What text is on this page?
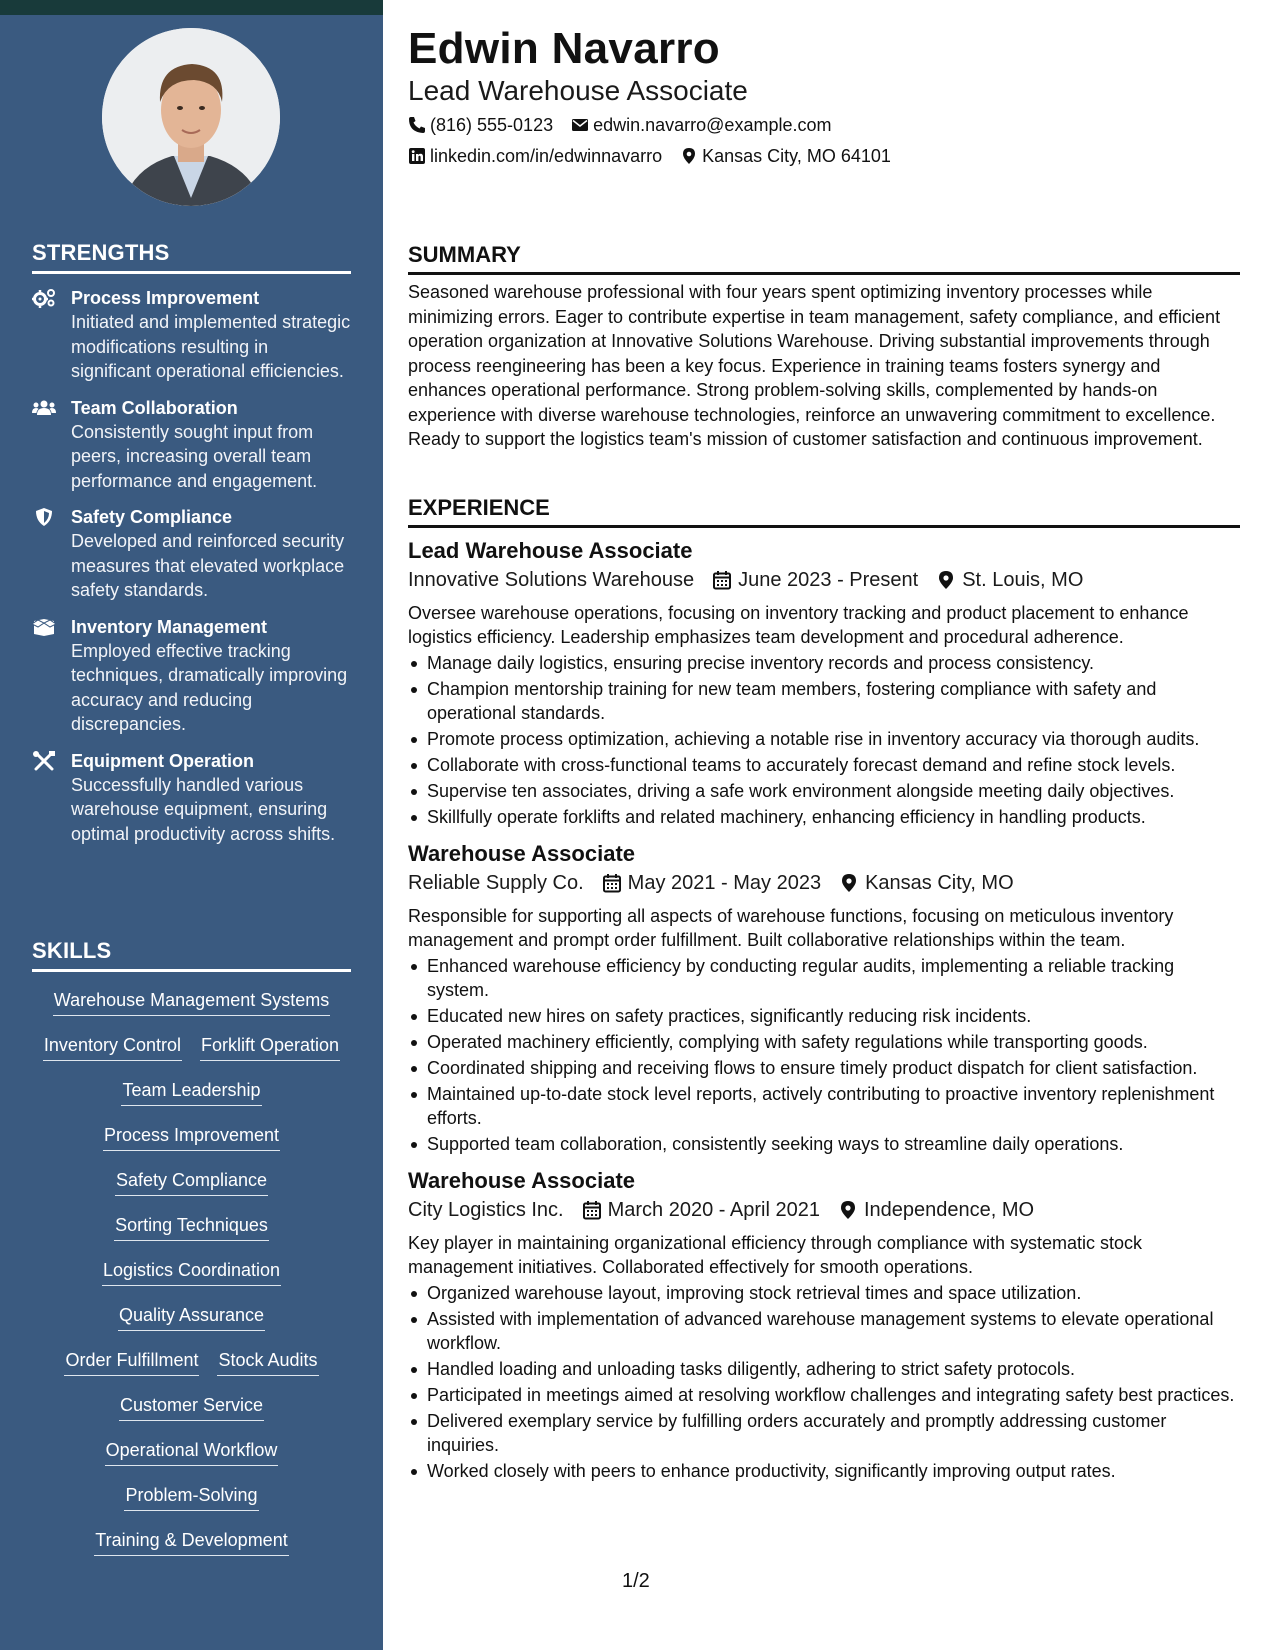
STRENGTHS
Process Improvement
Initiated and implemented strategic modifications resulting in significant operational efficiencies.
Team Collaboration
Consistently sought input from peers, increasing overall team performance and engagement.
Safety Compliance
Developed and reinforced security measures that elevated workplace safety standards.
Inventory Management
Employed effective tracking techniques, dramatically improving accuracy and reducing discrepancies.
Equipment Operation
Successfully handled various warehouse equipment, ensuring optimal productivity across shifts.
SKILLS
Warehouse Management Systems
Inventory Control Forklift Operation
Team Leadership
Process Improvement
Safety Compliance
Sorting Techniques
Logistics Coordination
Quality Assurance
Order Fulfillment Stock Audits
Customer Service
Operational Workflow
Problem-Solving
Training & Development
Edwin Navarro
Lead Warehouse Associate
(816) 555-0123 edwin.navarro@example.com
linkedin.com/in/edwinnavarro Kansas City, MO 64101
SUMMARY
Seasoned warehouse professional with four years spent optimizing inventory processes while minimizing errors. Eager to contribute expertise in team management, safety compliance, and efficient operation organization at Innovative Solutions Warehouse. Driving substantial improvements through process reengineering has been a key focus. Experience in training teams fosters synergy and enhances operational performance. Strong problem-solving skills, complemented by hands-on experience with diverse warehouse technologies, reinforce an unwavering commitment to excellence. Ready to support the logistics team's mission of customer satisfaction and continuous improvement.
EXPERIENCE
Lead Warehouse Associate
Innovative Solutions Warehouse June 2023 - Present St. Louis, MO
Oversee warehouse operations, focusing on inventory tracking and product placement to enhance logistics efficiency. Leadership emphasizes team development and procedural adherence.
Manage daily logistics, ensuring precise inventory records and process consistency.
Champion mentorship training for new team members, fostering compliance with safety and operational standards.
Promote process optimization, achieving a notable rise in inventory accuracy via thorough audits.
Collaborate with cross-functional teams to accurately forecast demand and refine stock levels.
Supervise ten associates, driving a safe work environment alongside meeting daily objectives.
Skillfully operate forklifts and related machinery, enhancing efficiency in handling products.
Warehouse Associate
Reliable Supply Co. May 2021 - May 2023 Kansas City, MO
Responsible for supporting all aspects of warehouse functions, focusing on meticulous inventory management and prompt order fulfillment. Built collaborative relationships within the team.
Enhanced warehouse efficiency by conducting regular audits, implementing a reliable tracking system.
Educated new hires on safety practices, significantly reducing risk incidents.
Operated machinery efficiently, complying with safety regulations while transporting goods.
Coordinated shipping and receiving flows to ensure timely product dispatch for client satisfaction.
Maintained up-to-date stock level reports, actively contributing to proactive inventory replenishment efforts.
Supported team collaboration, consistently seeking ways to streamline daily operations.
Warehouse Associate
City Logistics Inc. March 2020 - April 2021 Independence, MO
Key player in maintaining organizational efficiency through compliance with systematic stock management initiatives. Collaborated effectively for smooth operations.
Organized warehouse layout, improving stock retrieval times and space utilization.
Assisted with implementation of advanced warehouse management systems to elevate operational workflow.
Handled loading and unloading tasks diligently, adhering to strict safety protocols.
Participated in meetings aimed at resolving workflow challenges and integrating safety best practices.
Delivered exemplary service by fulfilling orders accurately and promptly addressing customer inquiries.
Worked closely with peers to enhance productivity, significantly improving output rates.
1/2
